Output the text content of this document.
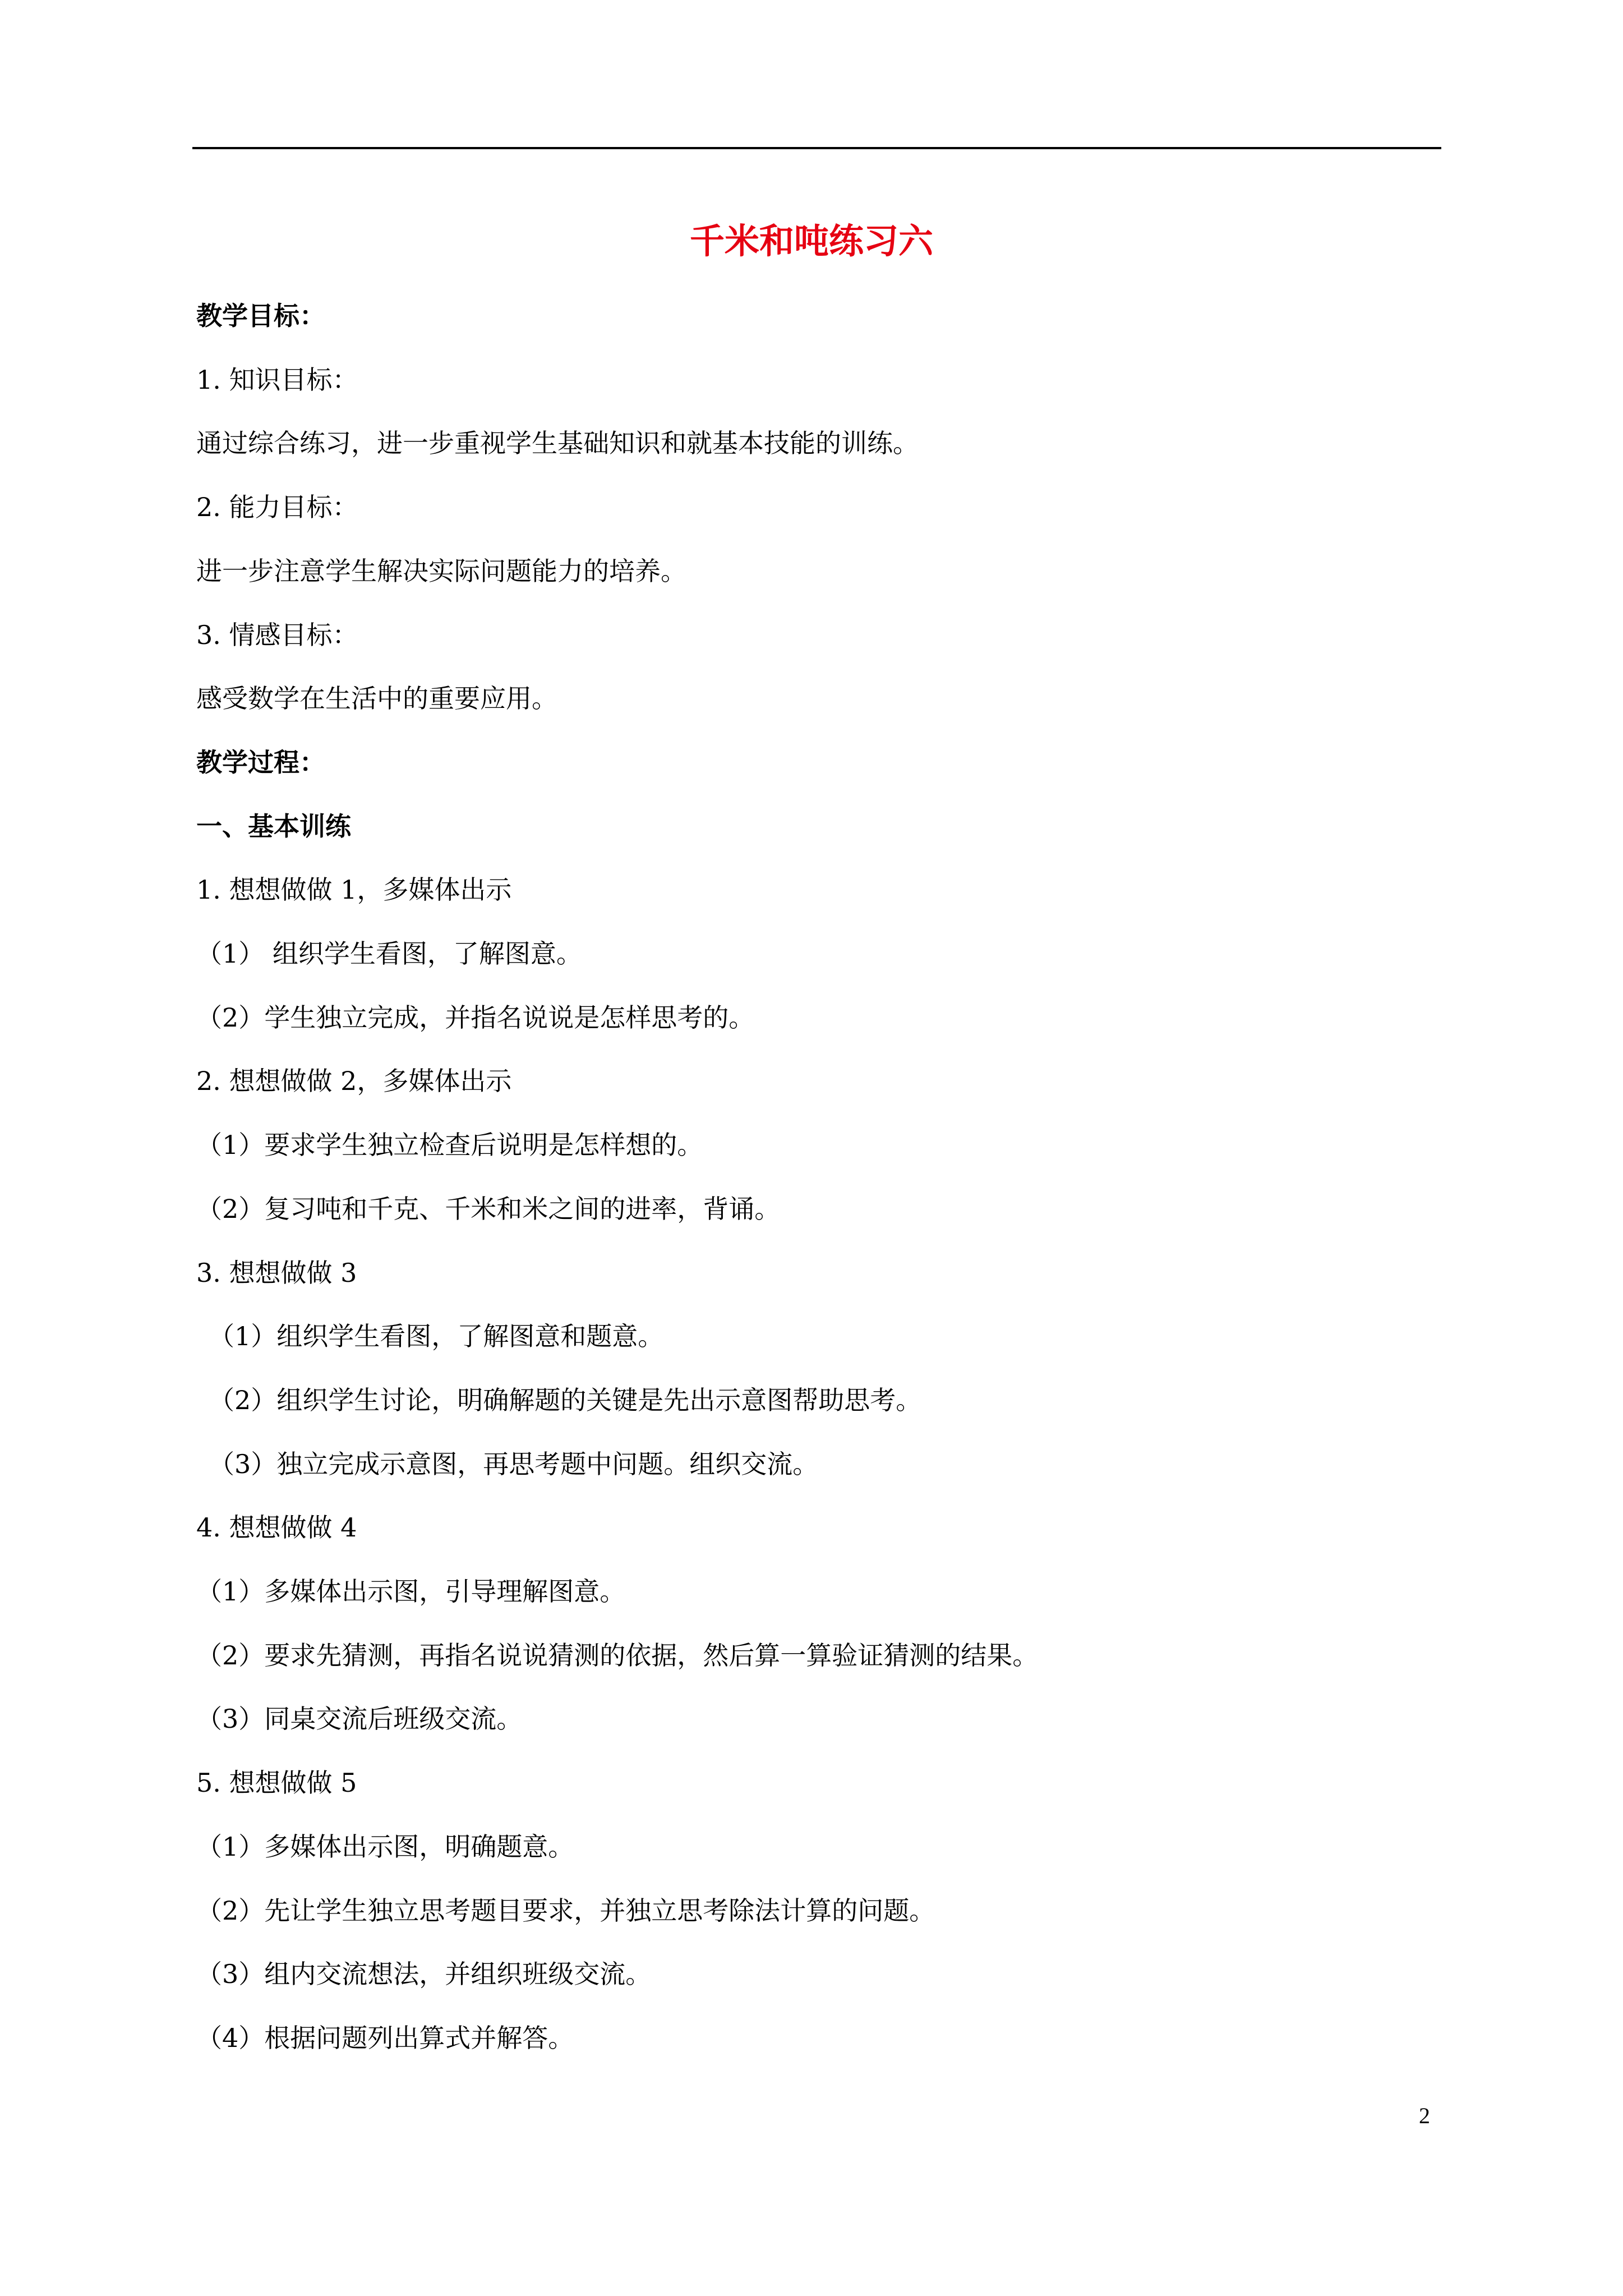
千米和吨练习六
教学目标：
1. 知识目标：
通过综合练习，进一步重视学生基础知识和就基本技能的训练。
2. 能力目标：
进一步注意学生解决实际问题能力的培养。
3. 情感目标：
感受数学在生活中的重要应用。
教学过程：
一、基本训练
1. 想想做做 1，多媒体出示
（1） 组织学生看图，了解图意。
（2）学生独立完成，并指名说说是怎样思考的。
2. 想想做做 2，多媒体出示
（1）要求学生独立检查后说明是怎样想的。
（2）复习吨和千克、千米和米之间的进率，背诵。
3. 想想做做 3
（1）组织学生看图，了解图意和题意。
（2）组织学生讨论，明确解题的关键是先出示意图帮助思考。
（3）独立完成示意图，再思考题中问题。组织交流。
4. 想想做做 4
（1）多媒体出示图，引导理解图意。
（2）要求先猜测，再指名说说猜测的依据，然后算一算验证猜测的结果。
（3）同桌交流后班级交流。
5. 想想做做 5
（1）多媒体出示图，明确题意。
（2）先让学生独立思考题目要求，并独立思考除法计算的问题。
（3）组内交流想法，并组织班级交流。
（4）根据问题列出算式并解答。
2
